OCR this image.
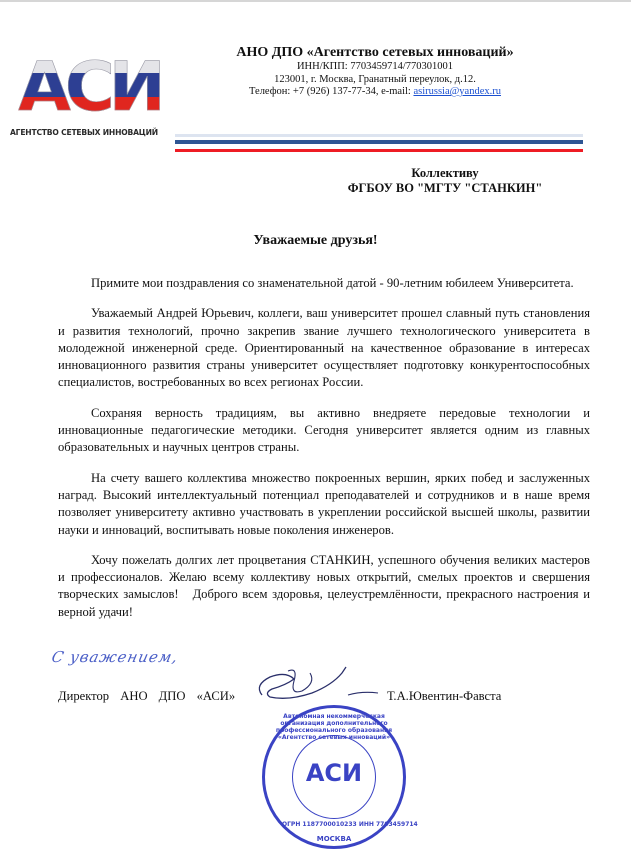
АСИ
АГЕНТСТВО СЕТЕВЫХ ИННОВАЦИЙ
АНО ДПО «Агентство сетевых инноваций»
ИНН/КПП: 7703459714/770301001
123001, г. Москва, Гранатный переулок, д.12.
Телефон: +7 (926) 137-77-34, e-mail: asirussia@yandex.ru
Коллективу
ФГБОУ ВО "МГТУ "СТАНКИН"
Уважаемые друзья!

Примите мои поздравления со знаменательной датой - 90-летним юбилеем Университета.

Уважаемый Андрей Юрьевич, коллеги, ваш университет прошел славный путь становления и развития технологий, прочно закрепив звание лучшего технологического университета в молодежной инженерной среде. Ориентированный на качественное образование в интересах инновационного развития страны университет осуществляет подготовку конкурентоспособных специалистов, востребованных во всех регионах России.

Сохраняя верность традициям, вы активно внедряете передовые технологии и инновационные педагогические методики. Сегодня университет является одним из главных образовательных и научных центров страны.

На счету вашего коллектива множество покроенных вершин, ярких побед и заслуженных наград. Высокий интеллектуальный потенциал преподавателей и сотрудников и в наше время позволяет университету активно участвовать в укреплении российской высшей школы, развитии науки и инноваций, воспитывать новые поколения инженеров.

Хочу пожелать долгих лет процветания СТАНКИН, успешного обучения великих мастеров и профессионалов. Желаю всему коллективу новых открытий, смелых проектов и свершения творческих замыслов!   Доброго всем здоровья, целеустремлённости, прекрасного настроения и верной удачи!

С уважением,
Директор АНО ДПО «АСИ»	Т.А.Ювентин-Фавста
Автономная некоммерческая организация дополнительного профессионального образования «Агентство сетевых инноваций»
АСИ
ОГРН 1187700010233 ИНН 7703459714
МОСКВА
